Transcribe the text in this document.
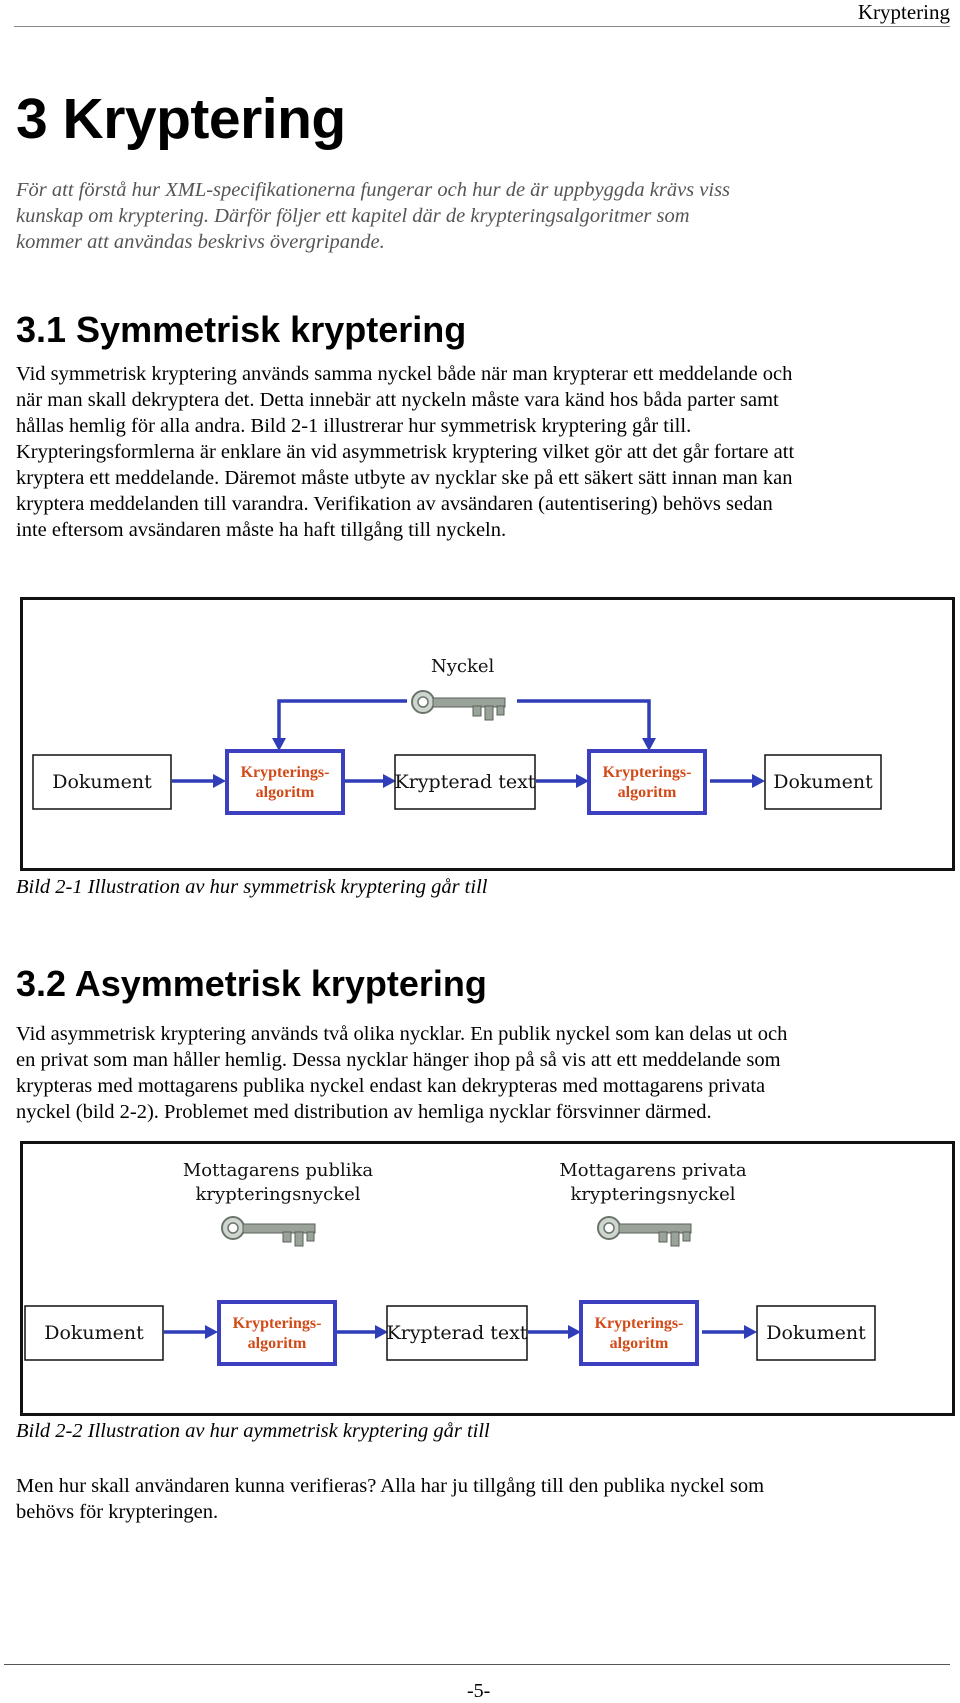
Kryptering
3 Kryptering
För att förstå hur XML-specifikationerna fungerar och hur de är uppbyggda krävs viss
kunskap om kryptering. Därför följer ett kapitel där de krypteringsalgoritmer som
kommer att användas beskrivs övergripande.
3.1 Symmetrisk kryptering
Vid symmetrisk kryptering används samma nyckel både när man krypterar ett meddelande och
när man skall dekryptera det. Detta innebär att nyckeln måste vara känd hos båda parter samt
hållas hemlig för alla andra. Bild 2-1 illustrerar hur symmetrisk kryptering går till.
Krypteringsformlerna är enklare än vid asymmetrisk kryptering vilket gör att det går fortare att
kryptera ett meddelande. Däremot måste utbyte av nycklar ske på ett säkert sätt innan man kan
kryptera meddelanden till varandra. Verifikation av avsändaren (autentisering) behövs sedan
inte eftersom avsändaren måste ha haft tillgång till nyckeln.
Nyckel
Dokument	Krypterings-
algoritm	Krypterad text	Krypterings-
algoritm	Dokument
Bild 2-1 Illustration av hur symmetrisk kryptering går till
3.2 Asymmetrisk kryptering
Vid asymmetrisk kryptering används två olika nycklar. En publik nyckel som kan delas ut och
en privat som man håller hemlig. Dessa nycklar hänger ihop på så vis att ett meddelande som
krypteras med mottagarens publika nyckel endast kan dekrypteras med mottagarens privata
nyckel (bild 2-2). Problemet med distribution av hemliga nycklar försvinner därmed.
Mottagarens publika
krypteringsnyckel
Mottagarens privata
krypteringsnyckel
Dokument	Krypterings-
algoritm	Krypterad text	Krypterings-
algoritm	Dokument
Bild 2-2 Illustration av hur aymmetrisk kryptering går till
Men hur skall användaren kunna verifieras? Alla har ju tillgång till den publika nyckel som
behövs för krypteringen.
-5-
